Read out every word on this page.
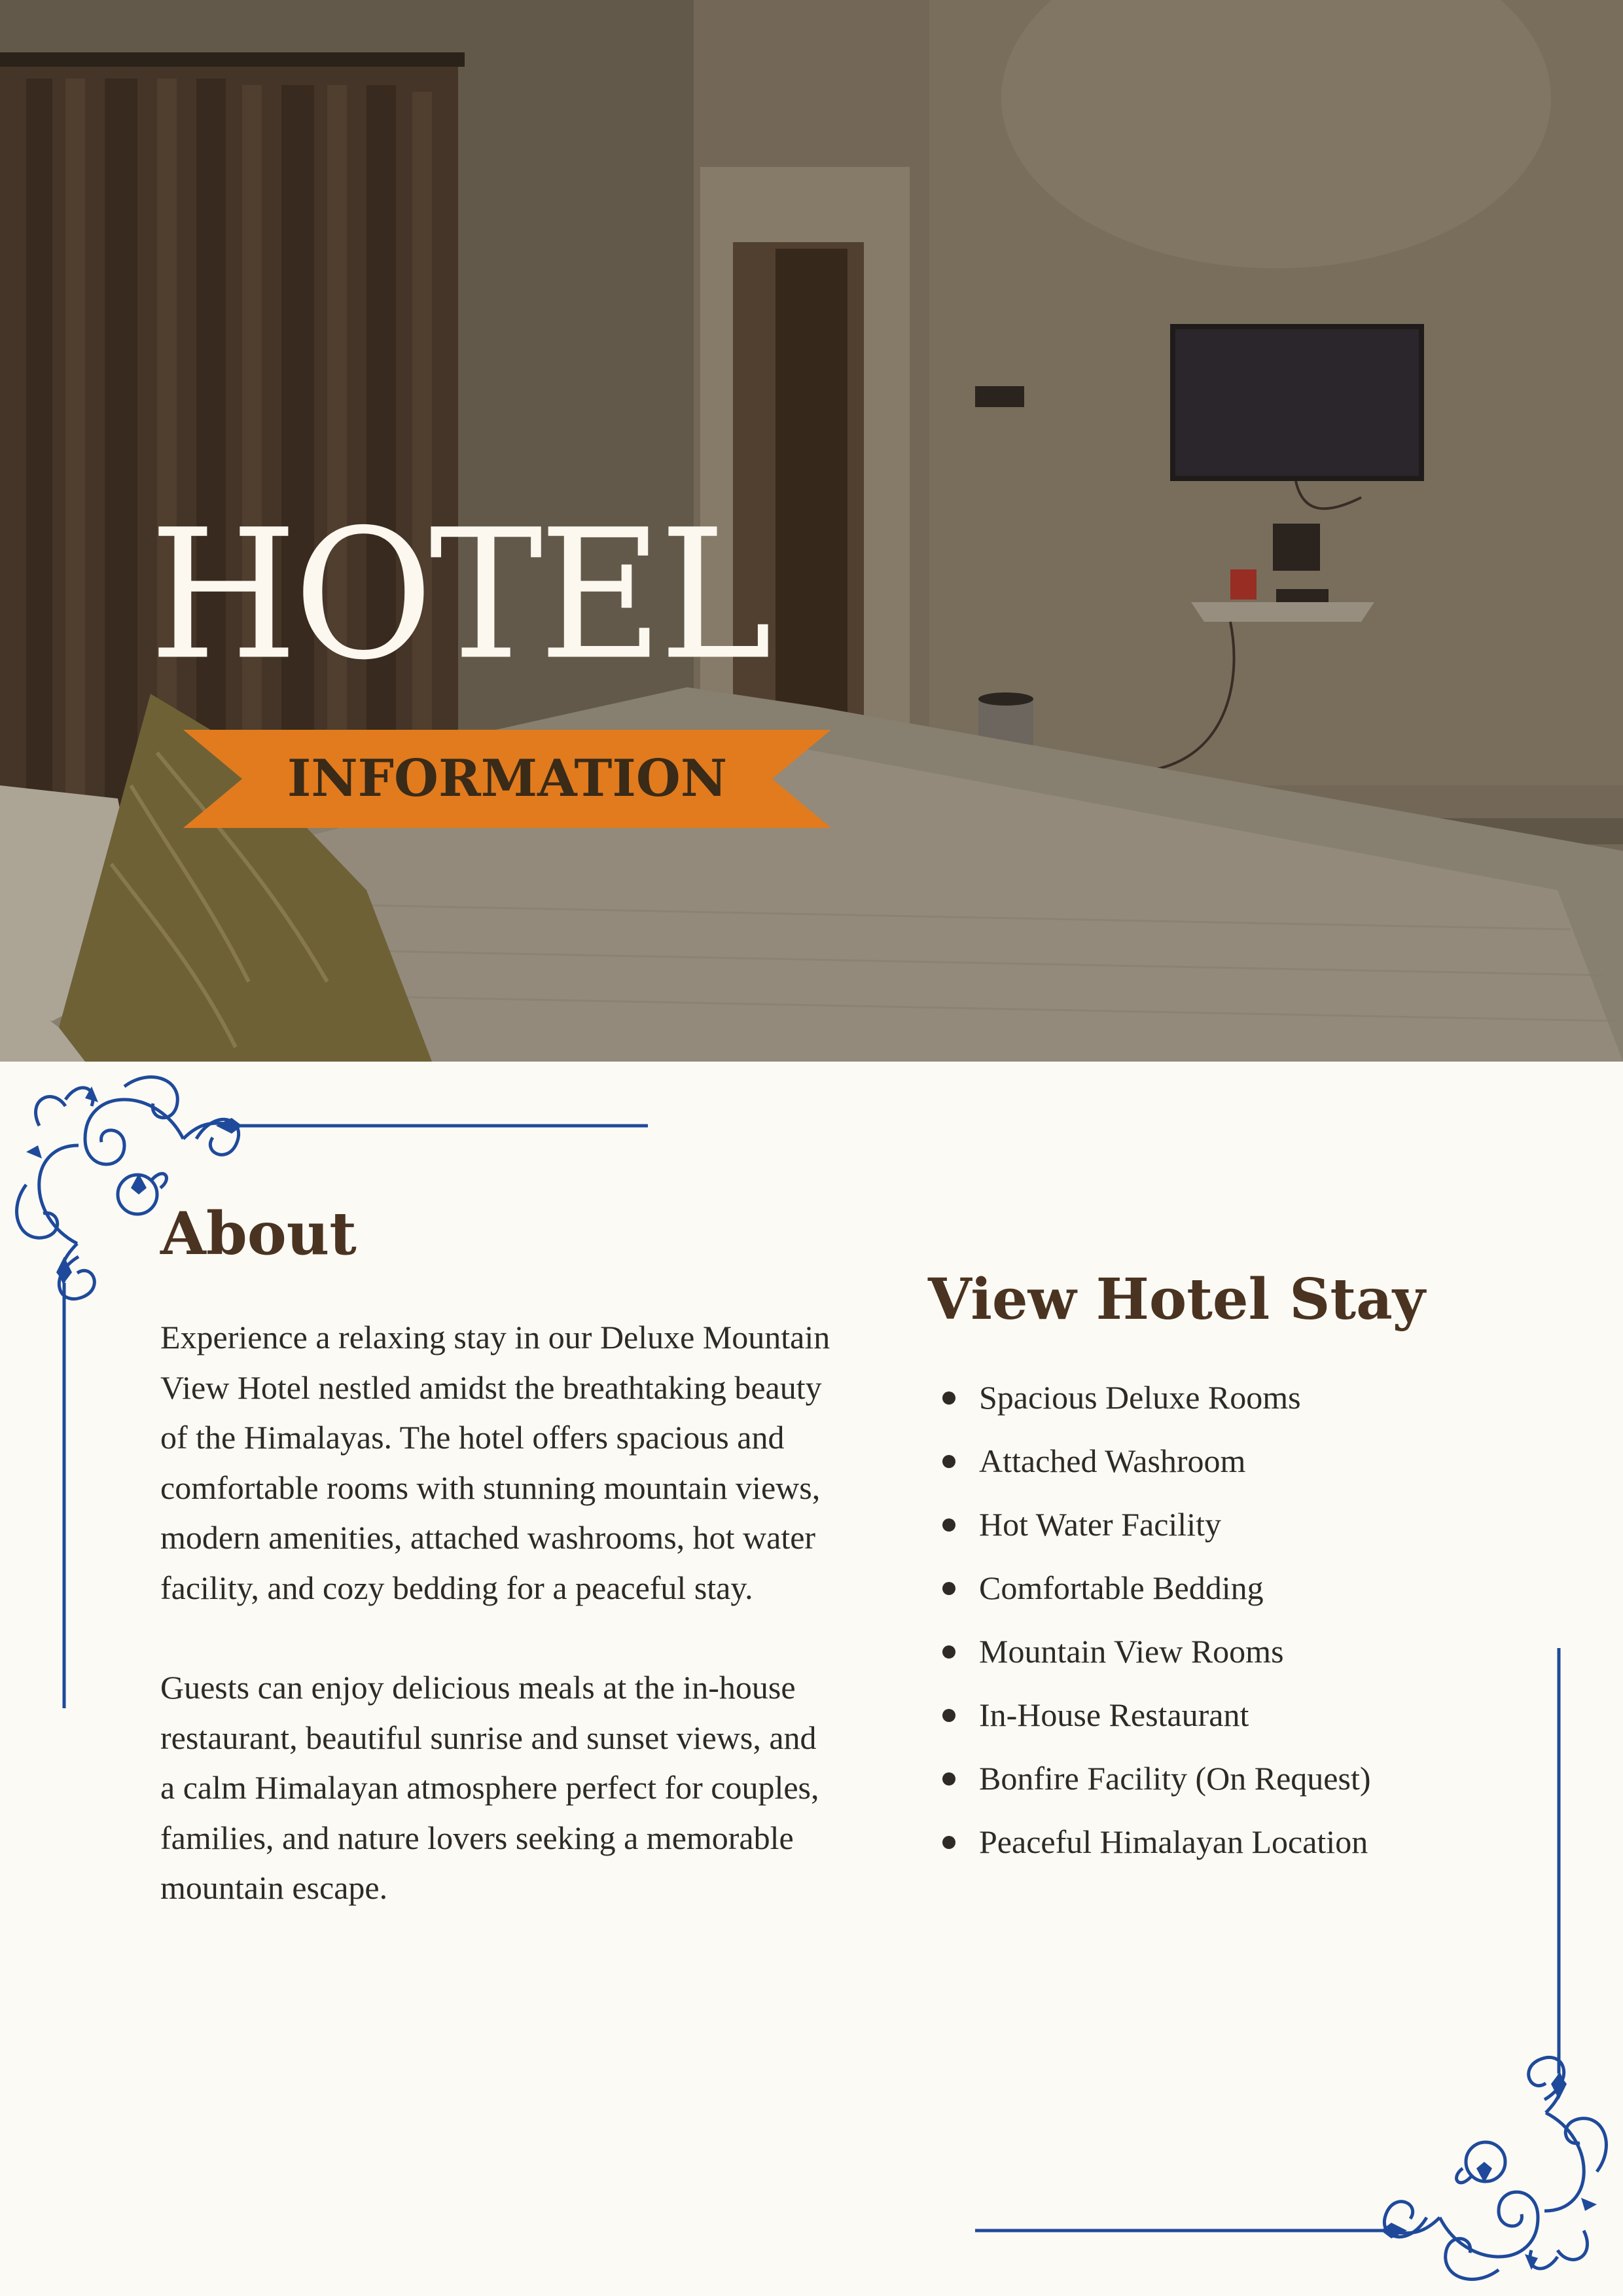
HOTEL
INFORMATION
About

Experience a relaxing stay in our Deluxe Mountain View Hotel nestled amidst the breathtaking beauty of the Himalayas. The hotel offers spacious and comfortable rooms with stunning mountain views, modern amenities, attached washrooms, hot water facility, and cozy bedding for a peaceful stay.

Guests can enjoy delicious meals at the in-house restaurant, beautiful sunrise and sunset views, and a calm Himalayan atmosphere perfect for couples, families, and nature lovers seeking a memorable mountain escape.

View Hotel Stay
Spacious Deluxe Rooms
Attached Washroom
Hot Water Facility
Comfortable Bedding
Mountain View Rooms
In-House Restaurant
Bonfire Facility (On Request)
Peaceful Himalayan Location
